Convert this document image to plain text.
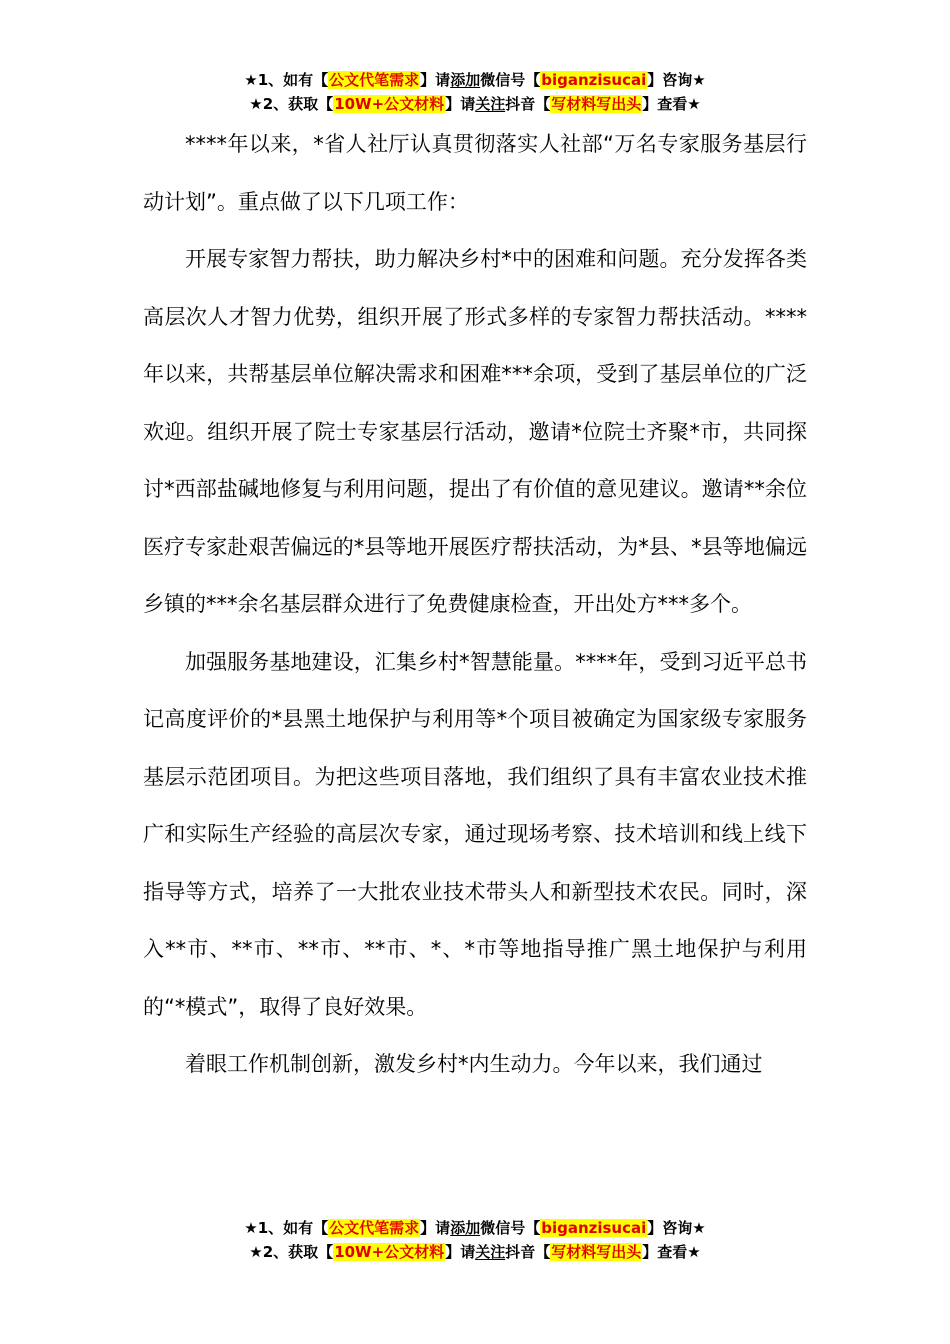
★1、如有【公文代笔需求】请添加微信号【biganzisucai】咨询★
★2、获取【10W+公文材料】请关注抖音【写材料写出头】查看★

****年以来，*省人社厅认真贯彻落实人社部“万名专家服务基层行动计划”。重点做了以下几项工作：

开展专家智力帮扶，助力解决乡村*中的困难和问题。充分发挥各类高层次人才智力优势，组织开展了形式多样的专家智力帮扶活动。****年以来，共帮基层单位解决需求和困难***余项，受到了基层单位的广泛欢迎。组织开展了院士专家基层行活动，邀请*位院士齐聚*市，共同探讨*西部盐碱地修复与利用问题，提出了有价值的意见建议。邀请**余位医疗专家赴艰苦偏远的*县等地开展医疗帮扶活动，为*县、*县等地偏远乡镇的***余名基层群众进行了免费健康检查，开出处方***多个。

加强服务基地建设，汇集乡村*智慧能量。****年，受到习近平总书记高度评价的*县黑土地保护与利用等*个项目被确定为国家级专家服务基层示范团项目。为把这些项目落地，我们组织了具有丰富农业技术推广和实际生产经验的高层次专家，通过现场考察、技术培训和线上线下指导等方式，培养了一大批农业技术带头人和新型技术农民。同时，深入**市、**市、**市、**市、*、*市等地指导推广黑土地保护与利用的“*模式”，取得了良好效果。

着眼工作机制创新，激发乡村*内生动力。今年以来，我们通过

★1、如有【公文代笔需求】请添加微信号【biganzisucai】咨询★
★2、获取【10W+公文材料】请关注抖音【写材料写出头】查看★
